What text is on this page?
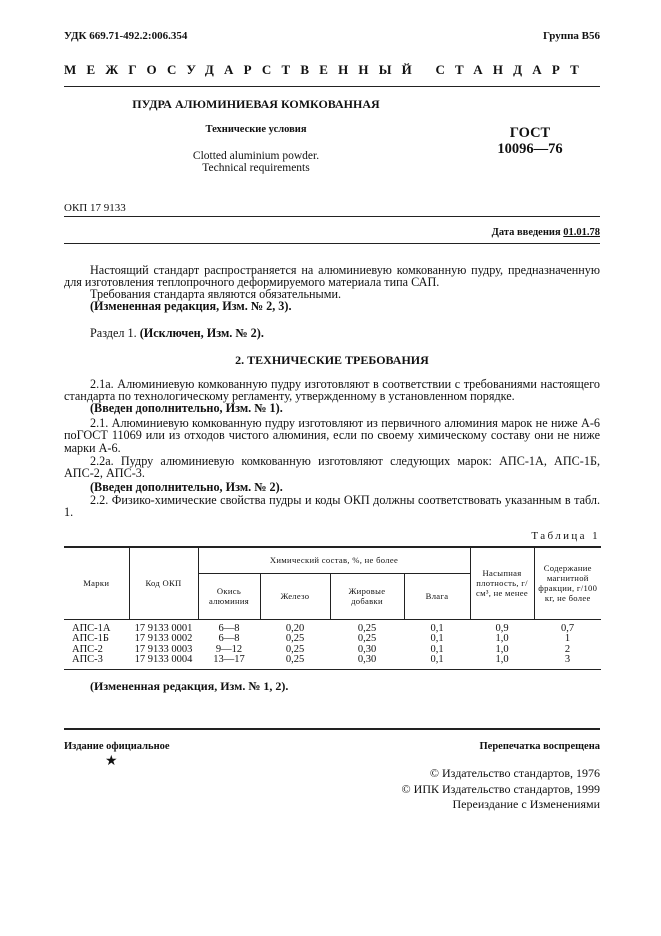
УДК 669.71-492.2:006.354	Группа В56
МЕЖГОСУДАРСТВЕННЫЙ СТАНДАРТ
ПУДРА АЛЮМИНИЕВАЯ КОМКОВАННАЯ
Технические условия
Clotted aluminium powder.
Technical requirements
ГОСТ
10096—76
ОКП 17 9133
Дата введения 01.01.78
Настоящий стандарт распространяется на алюминиевую комкованную пудру, предназначенную для изготовления теплопрочного деформируемого материала типа САП.
Требования стандарта являются обязательными.
(Измененная редакция, Изм. № 2, 3).
Раздел 1. (Исключен, Изм. № 2).
2. ТЕХНИЧЕСКИЕ ТРЕБОВАНИЯ
2.1а. Алюминиевую комкованную пудру изготовляют в соответствии с требованиями настоящего стандарта по технологическому регламенту, утвержденному в установленном порядке.
(Введен дополнительно, Изм. № 1).
2.1. Алюминиевую комкованную пудру изготовляют из первичного алюминия марок не ниже А-6 поГОСТ 11069 или из отходов чистого алюминия, если по своему химическому составу они не ниже марки А-6.
2.2а. Пудру алюминиевую комкованную изготовляют следующих марок: АПС-1А, АПС-1Б, АПС-2, АПС-3.
(Введен дополнительно, Изм. № 2).
2.2. Физико-химические свойства пудры и коды ОКП должны соответствовать указанным в табл. 1.
Таблица 1
Марки	Код ОКП	Химический состав, %, не более				Насыпная плотность, г/см³, не менее	Содержание магнитной фракции, г/100 кг, не более
		Окись алюминия	Железо	Жировые добавки	Влага		
АПС-1А	17 9133 0001	6—8	0,20	0,25	0,1	0,9	0,7
АПС-1Б	17 9133 0002	6—8	0,25	0,25	0,1	1,0	1
АПС-2	17 9133 0003	9—12	0,25	0,30	0,1	1,0	2
АПС-3	17 9133 0004	13—17	0,25	0,30	0,1	1,0	3
(Измененная редакция, Изм. № 1, 2).
Издание официальное	Перепечатка воспрещена
★
© Издательство стандартов, 1976
© ИПК Издательство стандартов, 1999
Переиздание с Изменениями
